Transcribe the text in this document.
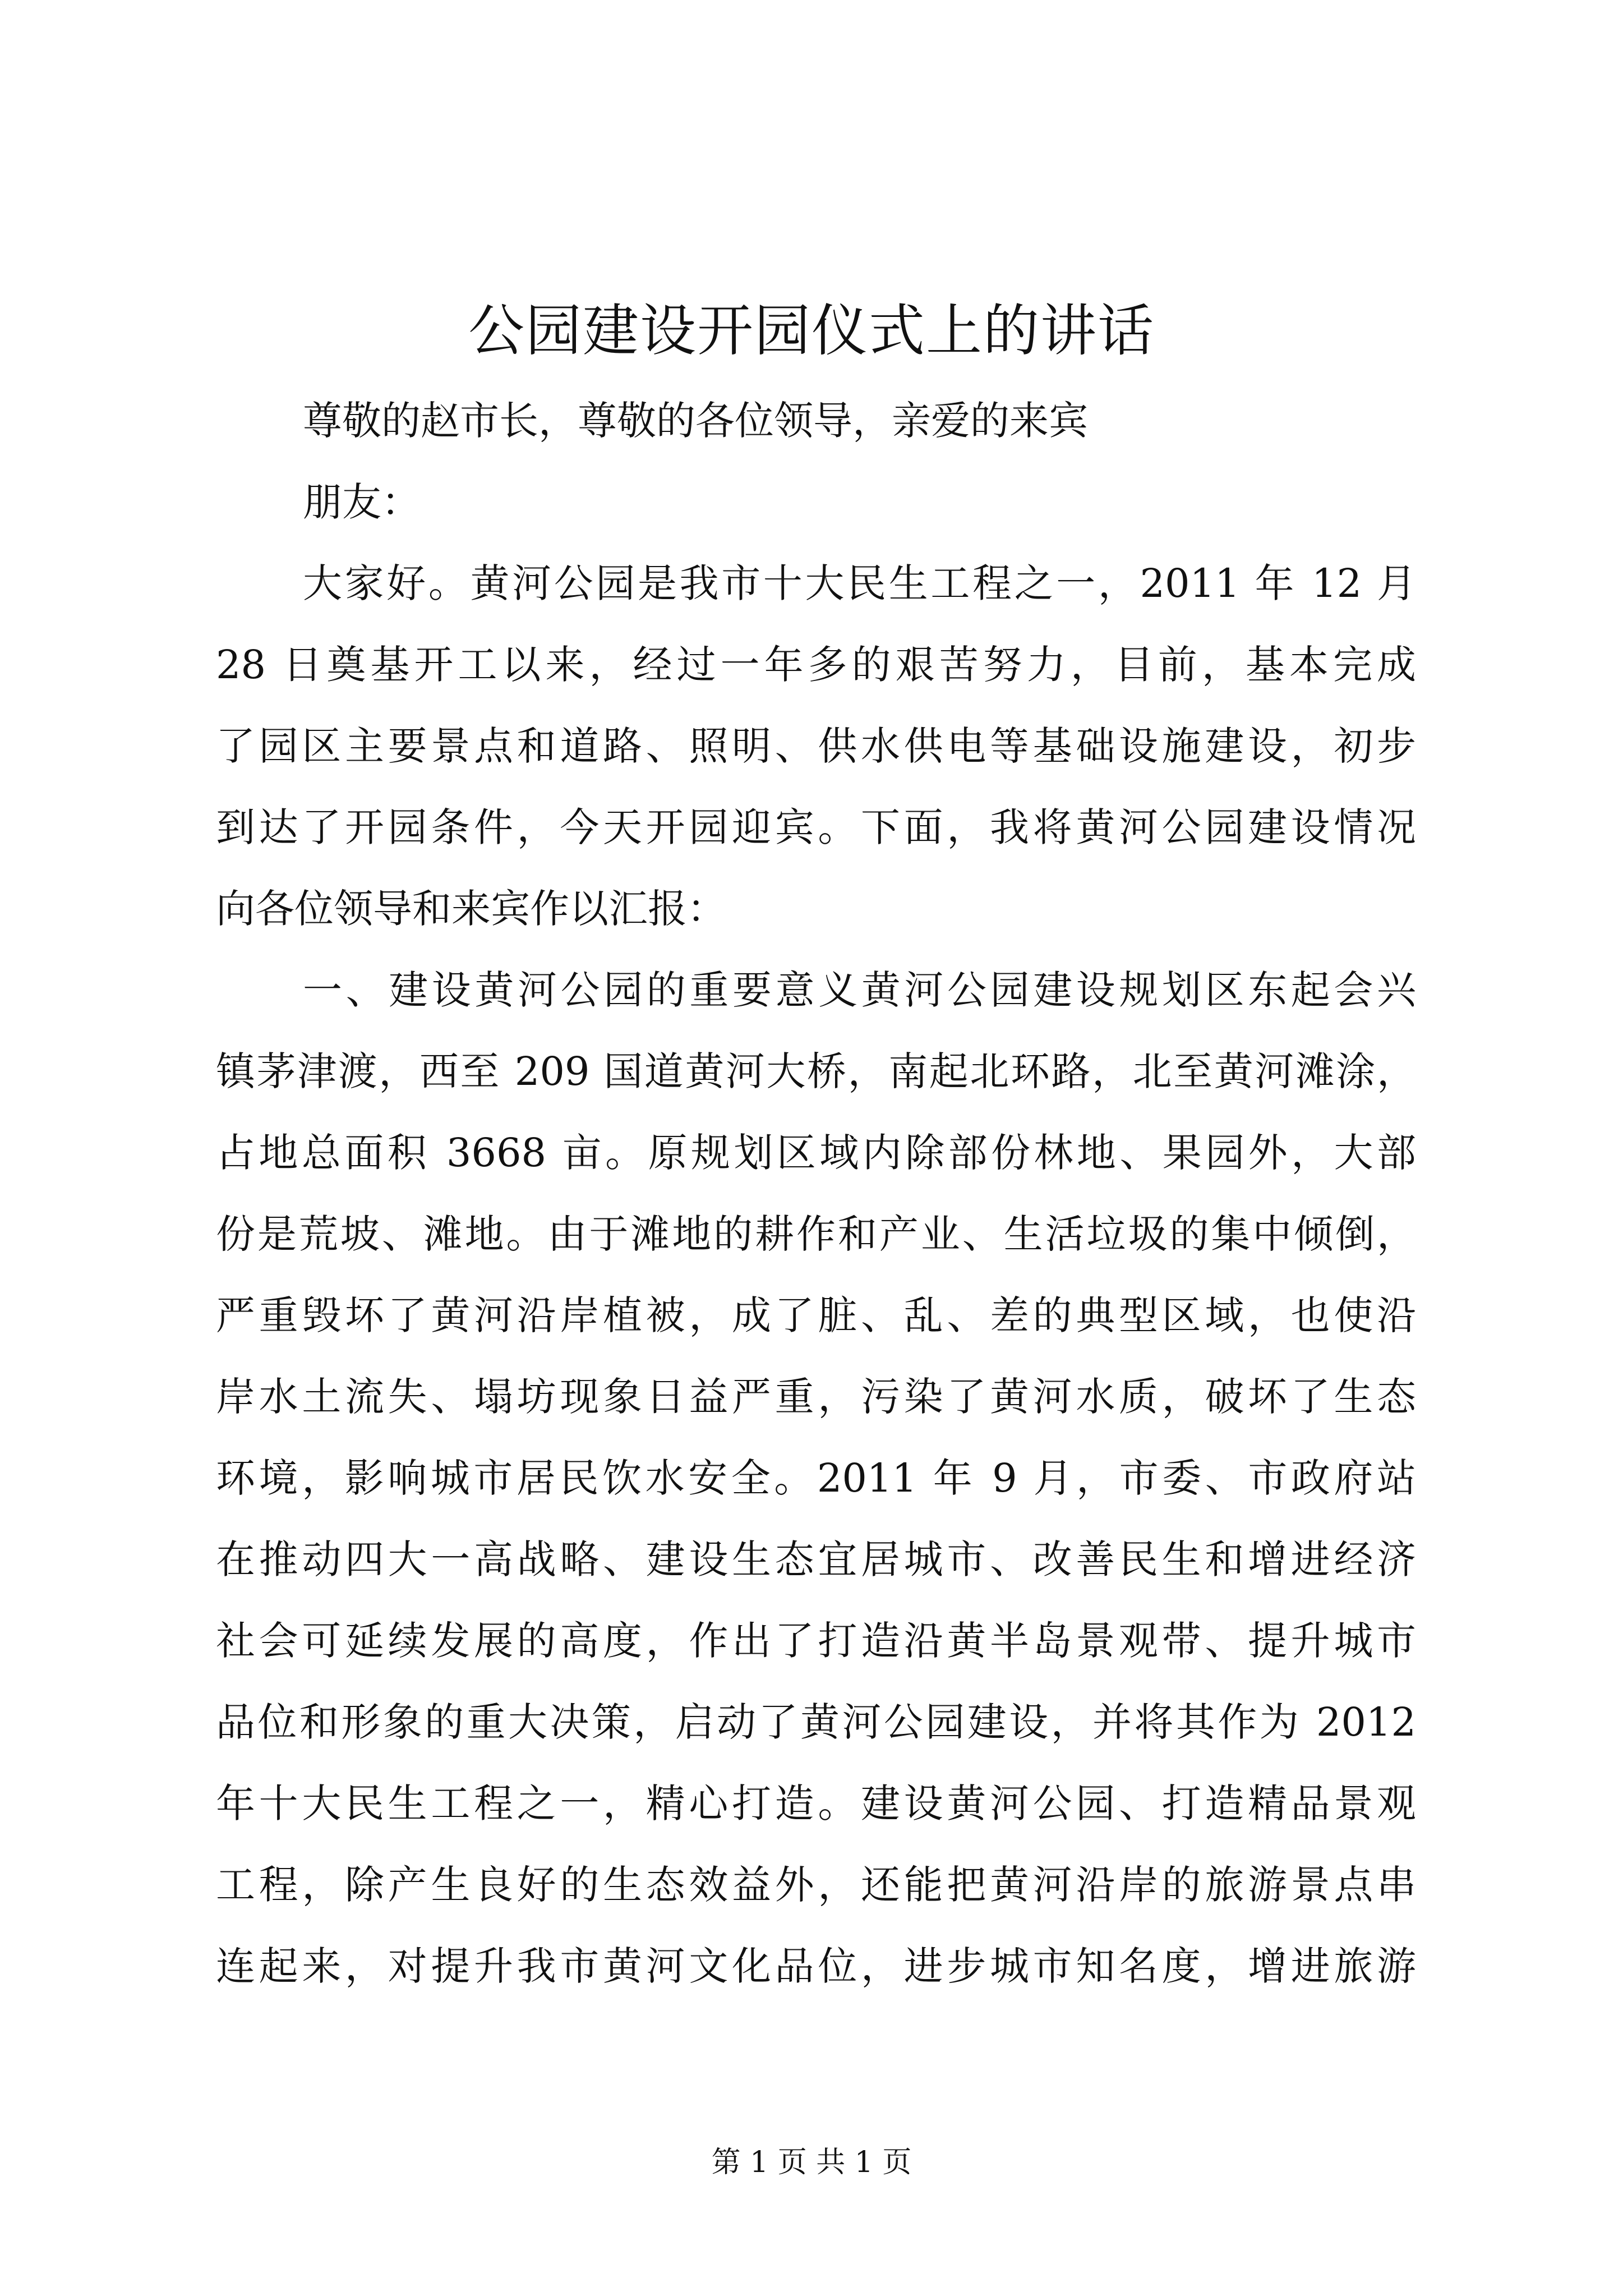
公园建设开园仪式上的讲话

尊敬的赵市长，尊敬的各位领导，亲爱的来宾

朋友：

大家好。黄河公园是我市十大民生工程之一，2011 年 12 月

28 日奠基开工以来，经过一年多的艰苦努力，目前，基本完成

了园区主要景点和道路、照明、供水供电等基础设施建设，初步

到达了开园条件，今天开园迎宾。下面，我将黄河公园建设情况

向各位领导和来宾作以汇报：

一、建设黄河公园的重要意义黄河公园建设规划区东起会兴

镇茅津渡，西至 209 国道黄河大桥，南起北环路，北至黄河滩涂，

占地总面积 3668 亩。原规划区域内除部份林地、果园外，大部

份是荒坡、滩地。由于滩地的耕作和产业、生活垃圾的集中倾倒，

严重毁坏了黄河沿岸植被，成了脏、乱、差的典型区域，也使沿

岸水土流失、塌坊现象日益严重，污染了黄河水质，破坏了生态

环境，影响城市居民饮水安全。2011 年 9 月，市委、市政府站

在推动四大一高战略、建设生态宜居城市、改善民生和增进经济

社会可延续发展的高度，作出了打造沿黄半岛景观带、提升城市

品位和形象的重大决策，启动了黄河公园建设，并将其作为 2012

年十大民生工程之一，精心打造。建设黄河公园、打造精品景观

工程，除产生良好的生态效益外，还能把黄河沿岸的旅游景点串

连起来，对提升我市黄河文化品位，进步城市知名度，增进旅游

第 1 页 共 1 页
